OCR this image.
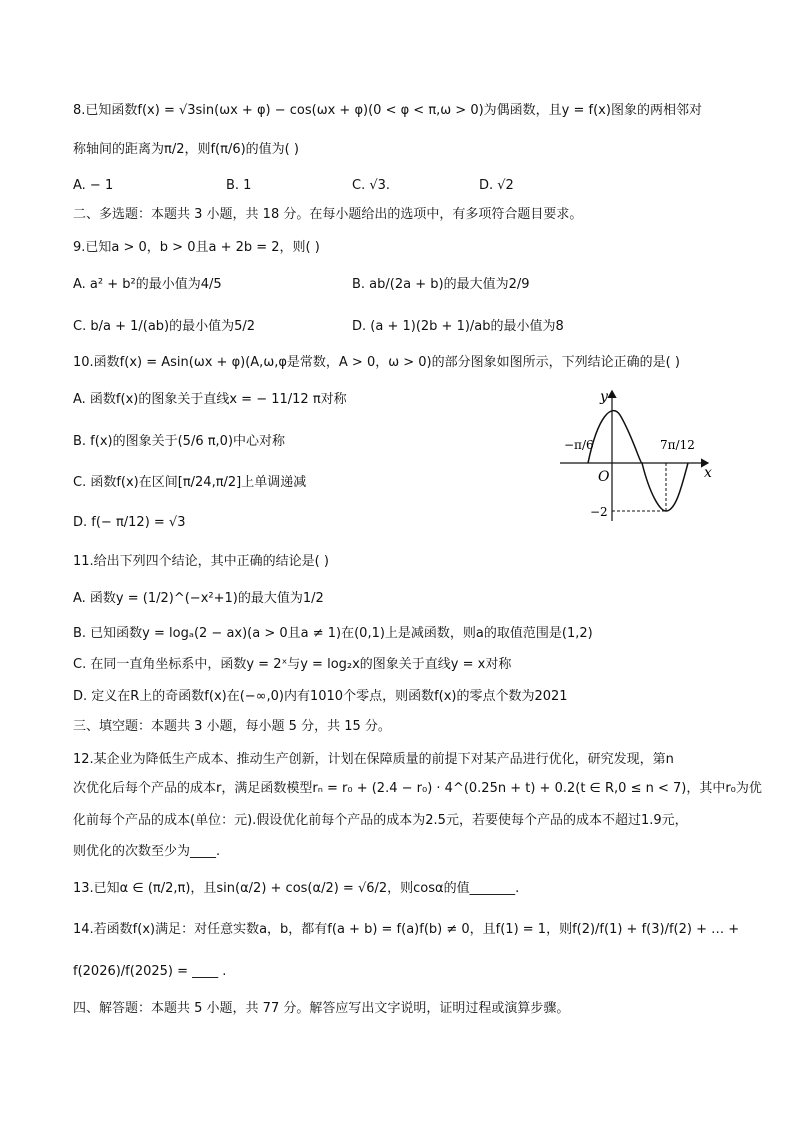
8.已知函数f(x) = √3sin(ωx + φ) − cos(ωx + φ)(0 < φ < π,ω > 0)为偶函数，且y = f(x)图象的两相邻对
称轴间的距离为π/2，则f(π/6)的值为( )
A. − 1	B. 1	C. √3.	D. √2
二、多选题：本题共 3 小题，共 18 分。在每小题给出的选项中，有多项符合题目要求。
9.已知a > 0，b > 0且a + 2b = 2，则( )
A. a² + b²的最小值为4/5	B. ab/(2a + b)的最大值为2/9
C. b/a + 1/(ab)的最小值为5/2	D. (a + 1)(2b + 1)/ab的最小值为8
10.函数f(x) = Asin(ωx + φ)(A,ω,φ是常数，A > 0，ω > 0)的部分图象如图所示，下列结论正确的是( )
A. 函数f(x)的图象关于直线x = − 11/12 π对称
B. f(x)的图象关于(5/6 π,0)中心对称
C. 函数f(x)在区间[π/24,π/2]上单调递减
D. f(− π/12) = √3
y
x
O
−π/6	7π/12
−2
11.给出下列四个结论，其中正确的结论是( )
A. 函数y = (1/2)^(−x²+1)的最大值为1/2
B. 已知函数y = logₐ(2 − ax)(a > 0且a ≠ 1)在(0,1)上是减函数，则a的取值范围是(1,2)
C. 在同一直角坐标系中，函数y = 2ˣ与y = log₂x的图象关于直线y = x对称
D. 定义在R上的奇函数f(x)在(−∞,0)内有1010个零点，则函数f(x)的零点个数为2021
三、填空题：本题共 3 小题，每小题 5 分，共 15 分。
12.某企业为降低生产成本、推动生产创新，计划在保障质量的前提下对某产品进行优化，研究发现，第n
次优化后每个产品的成本r，满足函数模型rₙ = r₀ + (2.4 − r₀) · 4^(0.25n + t) + 0.2(t ∈ R,0 ≤ n < 7)，其中r₀为优
化前每个产品的成本(单位：元).假设优化前每个产品的成本为2.5元，若要使每个产品的成本不超过1.9元，
则优化的次数至少为____.
13.已知α ∈ (π/2,π)，且sin(α/2) + cos(α/2) = √6/2，则cosα的值_______.
14.若函数f(x)满足：对任意实数a，b，都有f(a + b) = f(a)f(b) ≠ 0，且f(1) = 1，则f(2)/f(1) + f(3)/f(2) + … +
f(2026)/f(2025) = ____ .
四、解答题：本题共 5 小题，共 77 分。解答应写出文字说明，证明过程或演算步骤。
